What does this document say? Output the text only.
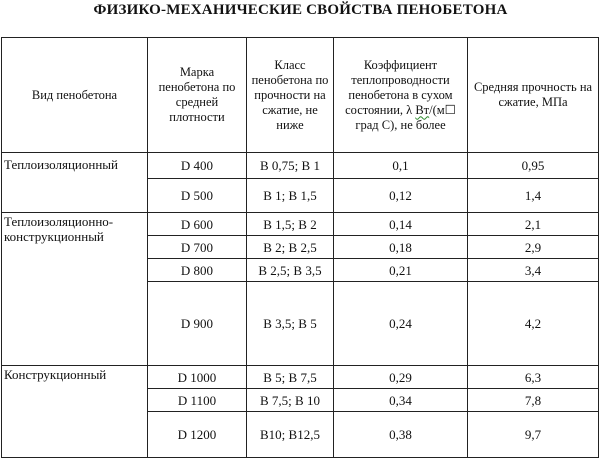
ФИЗИКО-МЕХАНИЧЕСКИЕ СВОЙСТВА ПЕНОБЕТОНА
Вид пенобетона	Марка пенобетона по средней плотности	Класс пенобетона по прочности на сжатие, не ниже	Коэффициент теплопроводности пенобетона в сухом состоянии, λ Вт/(м☐ град С), не более	Средняя прочность на сжатие, МПа
Теплоизоляционный	D 400	В 0,75; В 1	0,1	0,95
	D 500	В 1; В 1,5	0,12	1,4
Теплоизоляционно-конструкционный	D 600	В 1,5; В 2	0,14	2,1
	D 700	В 2; В 2,5	0,18	2,9
	D 800	В 2,5; В 3,5	0,21	3,4
	D 900	В 3,5; В 5	0,24	4,2
Конструкционный	D 1000	В 5; В 7,5	0,29	6,3
	D 1100	В 7,5; В 10	0,34	7,8
	D 1200	В10; В12,5	0,38	9,7
